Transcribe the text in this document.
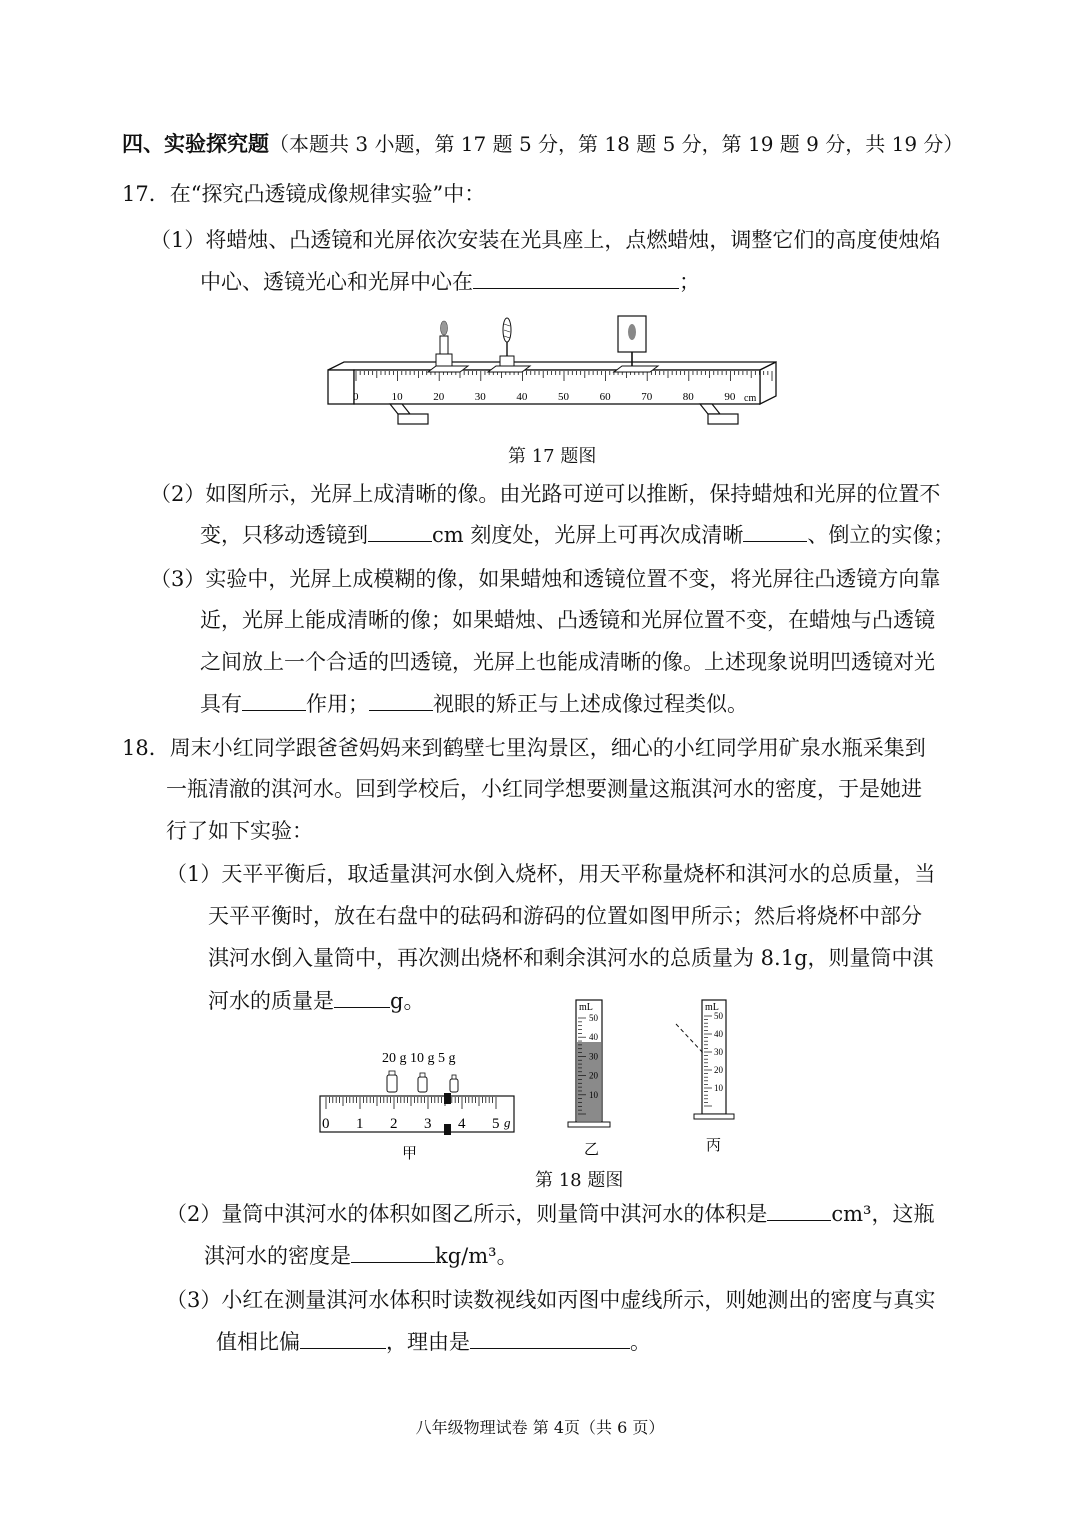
四、实验探究题（本题共 3 小题，第 17 题 5 分，第 18 题 5 分，第 19 题 9 分，共 19 分）
17．在“探究凸透镜成像规律实验”中：
（1）将蜡烛、凸透镜和光屏依次安装在光具座上，点燃蜡烛，调整它们的高度使烛焰
中心、透镜光心和光屏中心在	；
0	10	20	30	40	50	60	70	80	90 cm
第 17 题图
（2）如图所示，光屏上成清晰的像。由光路可逆可以推断，保持蜡烛和光屏的位置不
变，只移动透镜到	cm 刻度处，光屏上可再次成清晰	、倒立的实像；
（3）实验中，光屏上成模糊的像，如果蜡烛和透镜位置不变，将光屏往凸透镜方向靠
近，光屏上能成清晰的像；如果蜡烛、凸透镜和光屏位置不变，在蜡烛与凸透镜
之间放上一个合适的凹透镜，光屏上也能成清晰的像。上述现象说明凹透镜对光
具有	作用；	视眼的矫正与上述成像过程类似。
18．周末小红同学跟爸爸妈妈来到鹤壁七里沟景区，细心的小红同学用矿泉水瓶采集到
一瓶清澈的淇河水。回到学校后，小红同学想要测量这瓶淇河水的密度，于是她进
行了如下实验：
（1）天平平衡后，取适量淇河水倒入烧杯，用天平称量烧杯和淇河水的总质量，当
天平平衡时，放在右盘中的砝码和游码的位置如图甲所示；然后将烧杯中部分
淇河水倒入量筒中，再次测出烧杯和剩余淇河水的总质量为 8.1g，则量筒中淇
河水的质量是	g。
20 g 10 g 5 g
0 1 2 3 4 5 g
甲
mL
50
40
30
20
10
乙
mL
50
40
30
20
10
丙
第 18 题图
（2）量筒中淇河水的体积如图乙所示，则量筒中淇河水的体积是	cm³，这瓶
淇河水的密度是	kg/m³。
（3）小红在测量淇河水体积时读数视线如丙图中虚线所示，则她测出的密度与真实
值相比偏	，理由是	。
八年级物理试卷 第 4页（共 6 页）
